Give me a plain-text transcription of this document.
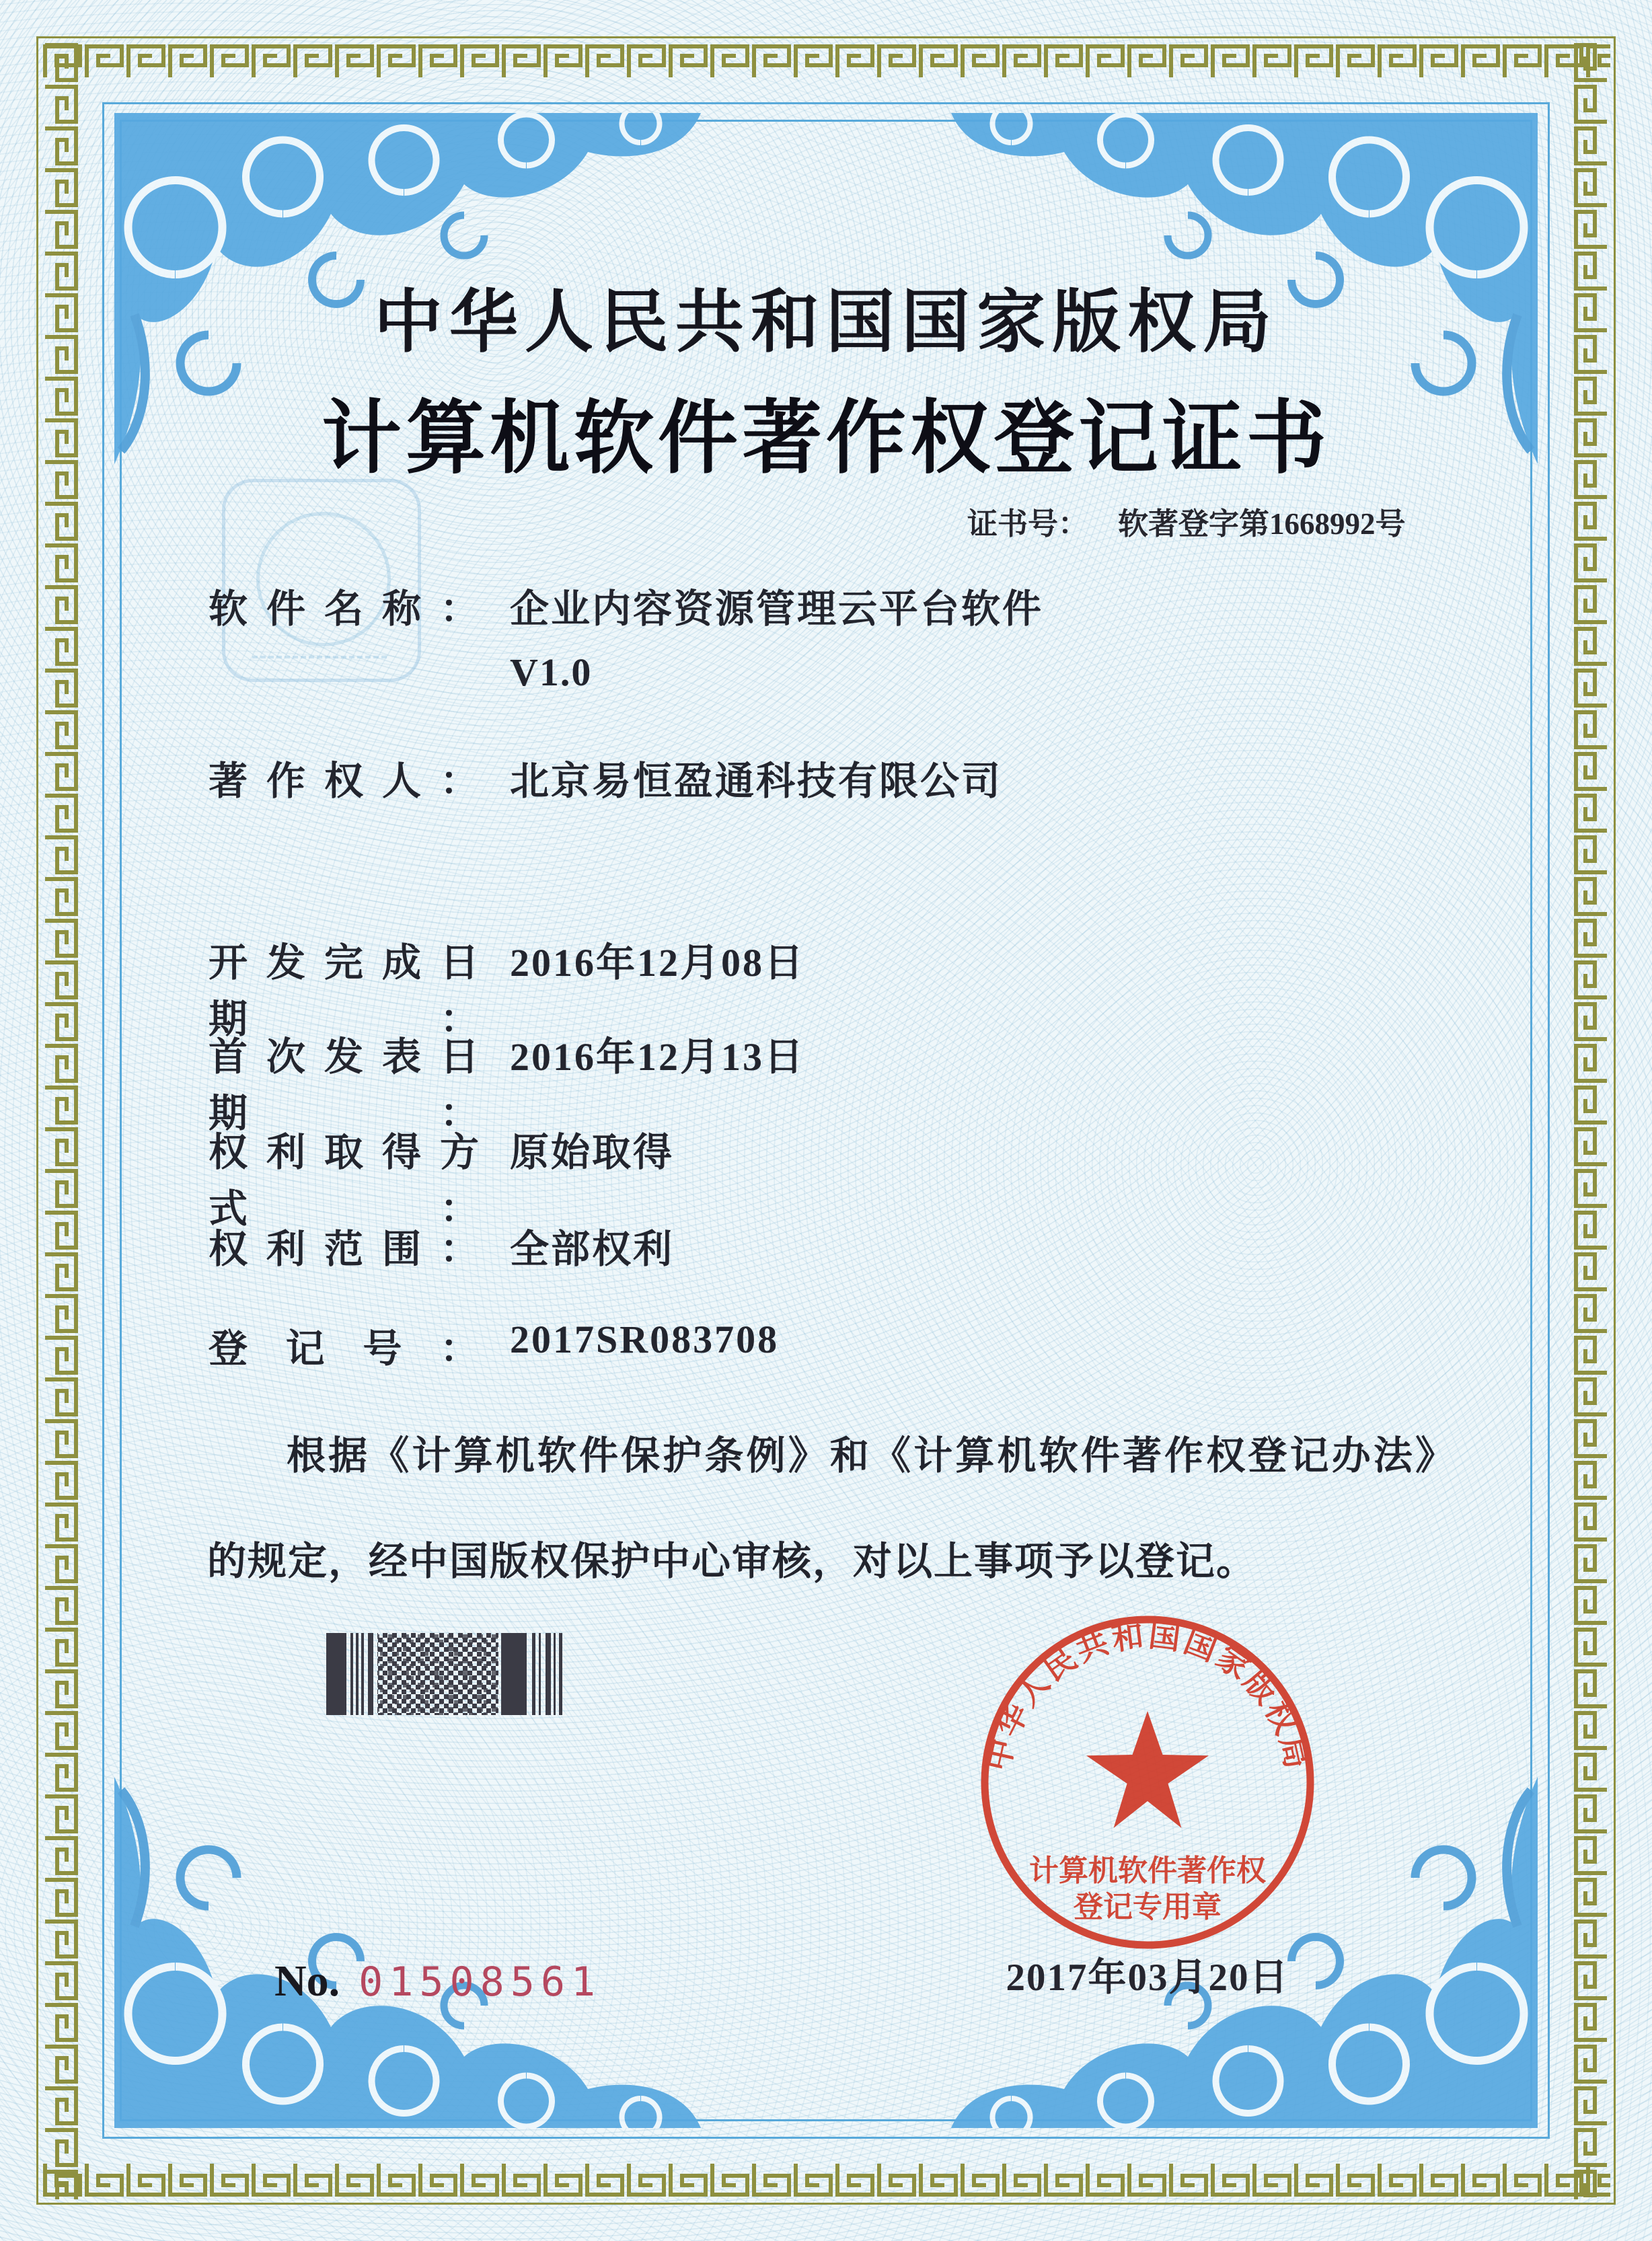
中华人民共和国国家版权局
计算机软件著作权登记证书
证书号： 软著登字第1668992号
软件名称： 企业内容资源管理云平台软件
V1.0
著作权人： 北京易恒盈通科技有限公司
开发完成日期：
2016年12月08日
首次发表日期：
2016年12月13日
权利取得方式：
原始取得
权利范围： 全部权利
登记号： 2017SR083708
根据《计算机软件保护条例》和《计算机软件著作权登记办法》的规定，经中国版权保护中心审核，对以上事项予以登记。
中华人民共和国国家版权局
计算机软件著作权
登记专用章
2017年03月20日
No. 01508561
